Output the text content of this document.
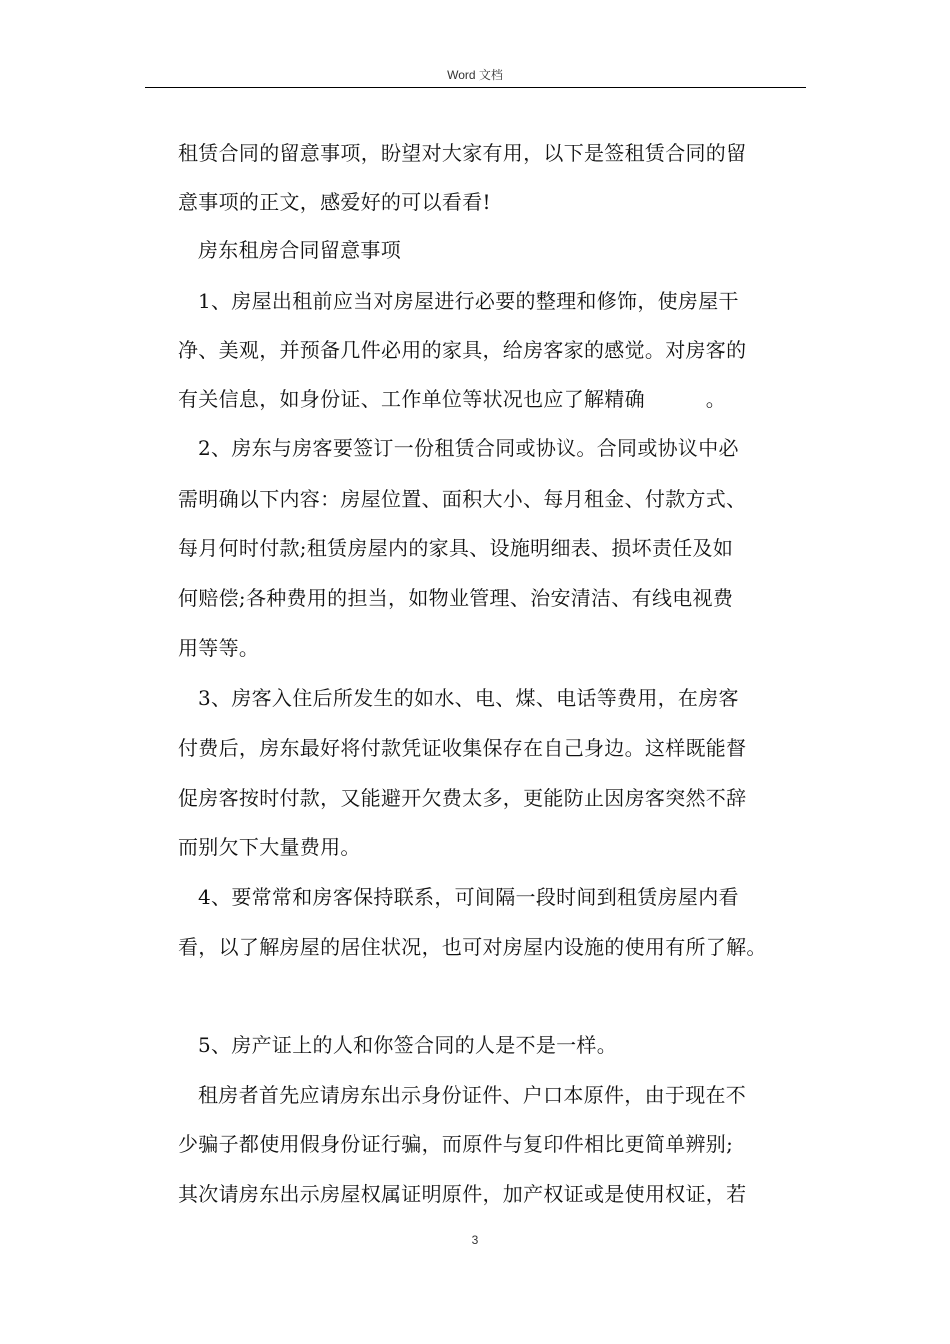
Word 文档
租赁合同的留意事项，盼望对大家有用，以下是签租赁合同的留
意事项的正文，感爱好的可以看看!
房东租房合同留意事项
1、房屋出租前应当对房屋进行必要的整理和修饰，使房屋干
净、美观，并预备几件必用的家具，给房客家的感觉。对房客的
有关信息，如身份证、工作单位等状况也应了解精确　　　。
2、房东与房客要签订一份租赁合同或协议。合同或协议中必
需明确以下内容：房屋位置、面积大小、每月租金、付款方式、
每月何时付款;租赁房屋内的家具、设施明细表、损坏责任及如
何赔偿;各种费用的担当，如物业管理、治安清洁、有线电视费
用等等。
3、房客入住后所发生的如水、电、煤、电话等费用，在房客
付费后，房东最好将付款凭证收集保存在自己身边。这样既能督
促房客按时付款，又能避开欠费太多，更能防止因房客突然不辞
而别欠下大量费用。
4、要常常和房客保持联系，可间隔一段时间到租赁房屋内看
看，以了解房屋的居住状况，也可对房屋内设施的使用有所了解。
5、房产证上的人和你签合同的人是不是一样。
租房者首先应请房东出示身份证件、户口本原件，由于现在不
少骗子都使用假身份证行骗，而原件与复印件相比更简单辨别;
其次请房东出示房屋权属证明原件，加产权证或是使用权证，若
3
